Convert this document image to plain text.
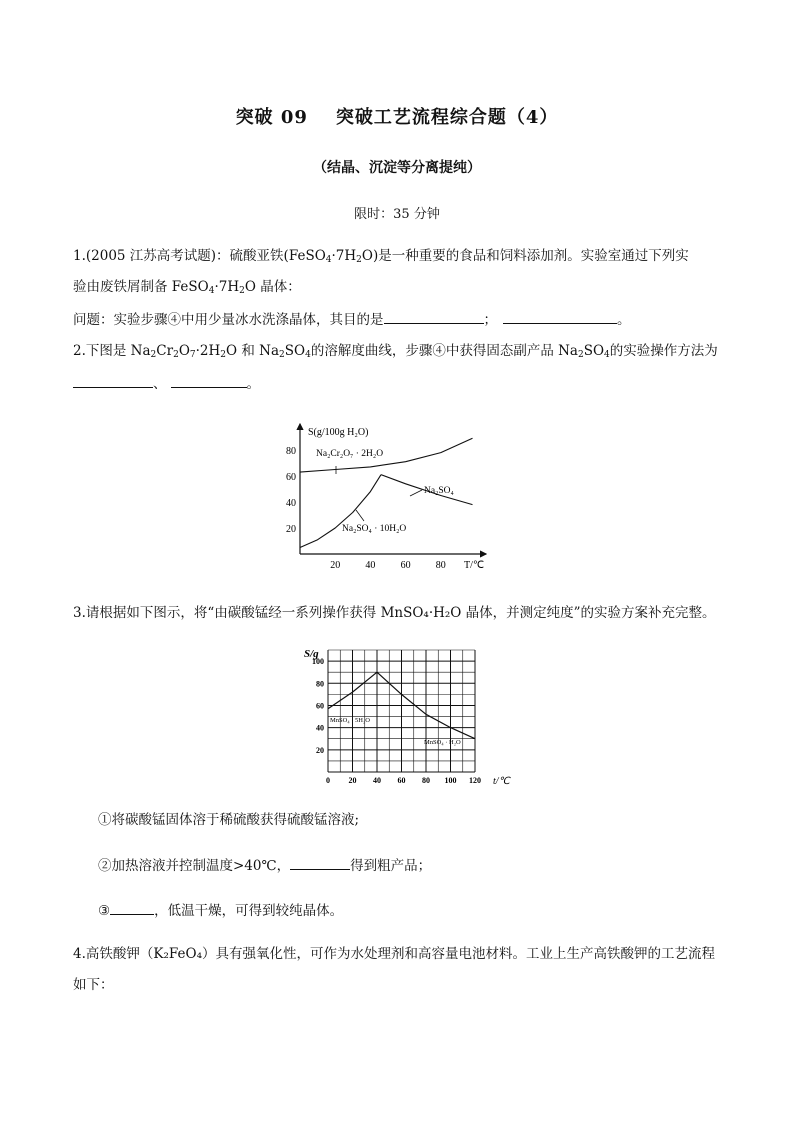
突破 09 突破工艺流程综合题（4）
（结晶、沉淀等分离提纯）
限时：35 分钟
1.(2005 江苏高考试题)：硫酸亚铁$(FeSO_4\cdot 7H_2O)$是一种重要的食品和饲料添加剂。实验室通过下列实
验由废铁屑制备 $FeSO_4\cdot 7H_2O$ 晶体：
问题：实验步骤④中用少量冰水洗涤晶体，其目的是	；	。
2.下图是 $Na_2Cr_2O_7\cdot 2H_2O$ 和 $Na_2SO_4$的溶解度曲线，步骤④中获得固态副产品 $Na_2SO_4$的实验操作方法为
、	。
20
40
60
80
20	40	60	80
S(g/100g H₂O)
T/℃
Na₂Cr₂O₇ · 2H₂O
Na₂SO₄ · 10H₂O
Na₂SO₄
3.请根据如下图示，将“由碳酸锰经一系列操作获得 MnSO₄·H₂O 晶体，并测定纯度”的实验方案补充完整。
20
40
60
80
100
0 20 40 60 80 100 120
S/g
t/℃
MnSO₄ · 5H₂O
MnSO₄ · H₂O
①将碳酸锰固体溶于稀硫酸获得硫酸锰溶液;
②加热溶液并控制温度>40℃，	得到粗产品；
③	，低温干燥，可得到较纯晶体。
4.高铁酸钾（K₂FeO₄）具有强氧化性，可作为水处理剂和高容量电池材料。工业上生产高铁酸钾的工艺流程
如下：
